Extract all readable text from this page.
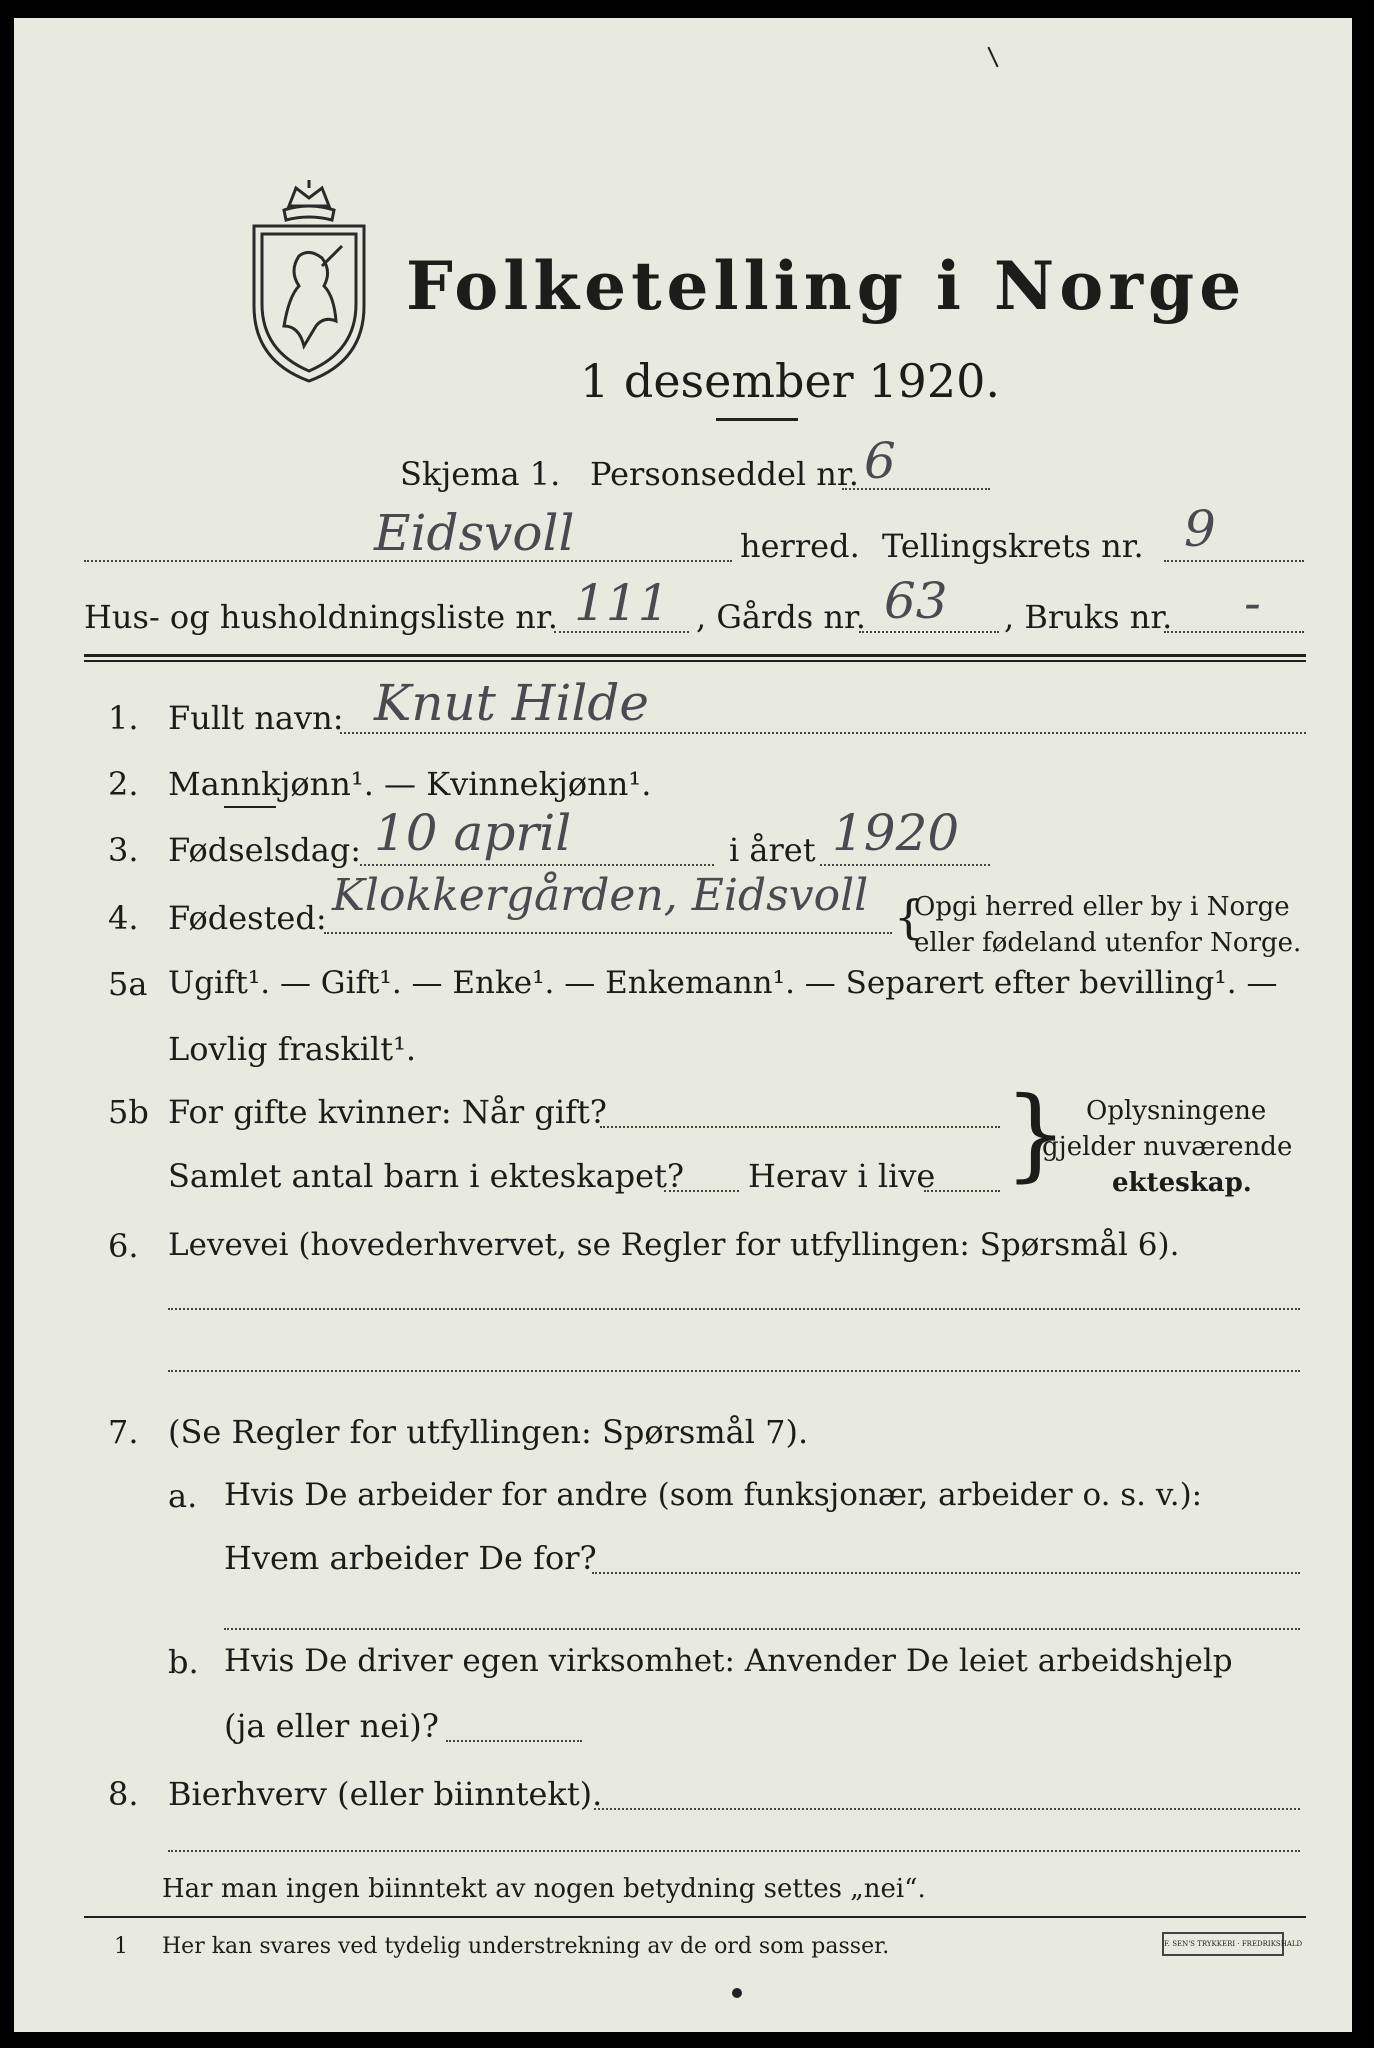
Folketelling i Norge
1 desember 1920.
Skjema 1. Personseddel nr. 6
Eidsvoll	herred. Tellingskrets nr. 9
Hus- og husholdningsliste nr. 111 , Gårds nr. 63 , Bruks nr. -
1. Fullt navn: Knut Hilde
2. Mannkjønn¹. — Kvinnekjønn¹.
3. Fødselsdag: 10 april	i året 1920
4. Fødested: Klokkergården, Eidsvoll {
Opgi herred eller by i Norge
eller fødeland utenfor Norge.
5a Ugift¹. — Gift¹. — Enke¹. — Enkemann¹. — Separert efter bevilling¹. —
Lovlig fraskilt¹.
5b For gifte kvinner: Når gift?
Samlet antal barn i ekteskapet? Herav i live } Oplysningene
gjelder nuværende
ekteskap.
6. Levevei (hovederhvervet, se Regler for utfyllingen: Spørsmål 6).
7. (Se Regler for utfyllingen: Spørsmål 7).
a. Hvis De arbeider for andre (som funksjonær, arbeider o. s. v.):
Hvem arbeider De for?
b. Hvis De driver egen virksomhet: Anvender De leiet arbeidshjelp
(ja eller nei)?
8. Bierhverv (eller biinntekt).
Har man ingen biinntekt av nogen betydning settes „nei“.
1 Her kan svares ved tydelig understrekning av de ord som passer.	F. SEN'S TRYKKERI · FREDRIKSHALD
